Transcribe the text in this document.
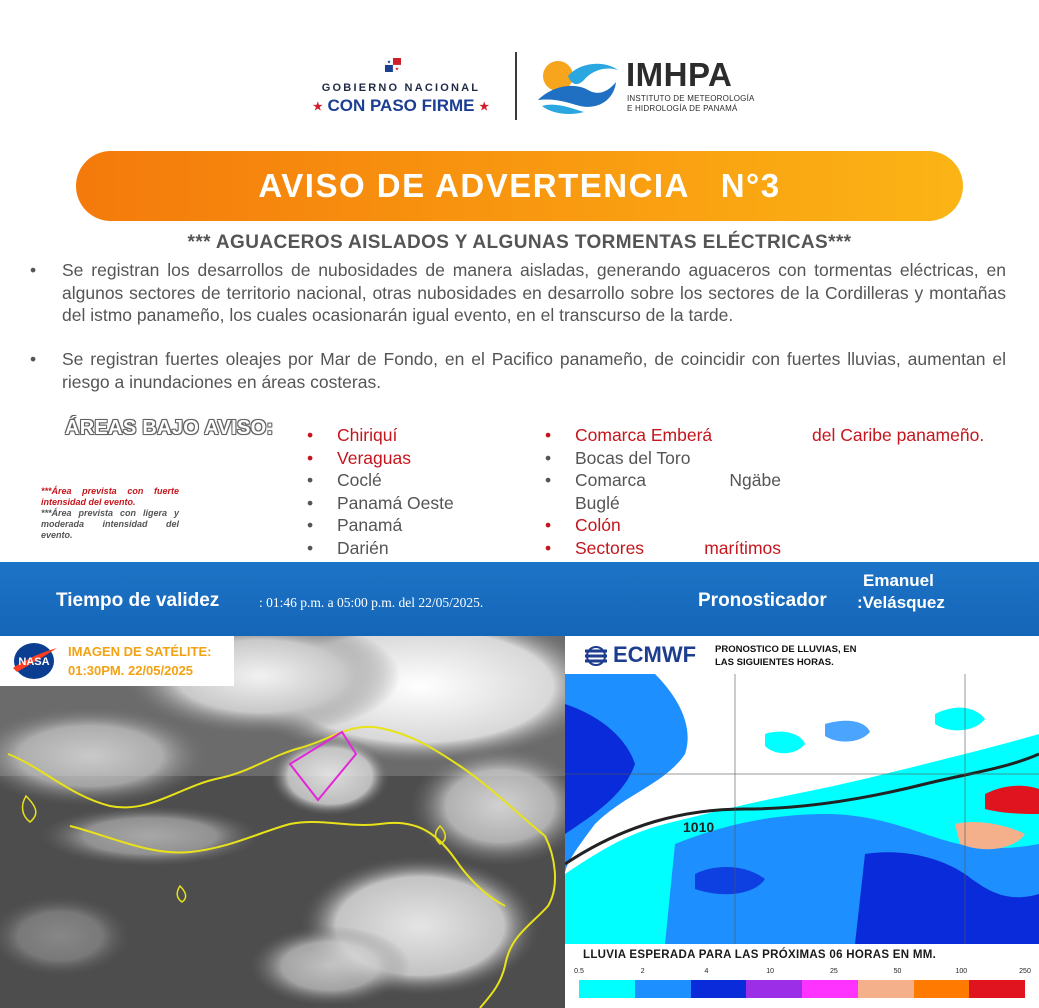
★
★
GOBIERNO NACIONAL
★ CON PASO FIRME ★
IMHPA
INSTITUTO DE METEOROLOGÍA
E HIDROLOGÍA DE PANAMÁ
AVISO DE ADVERTENCIA   N°3
*** AGUACEROS AISLADOS Y ALGUNAS TORMENTAS ELÉCTRICAS***
• Se registran los desarrollos de nubosidades de manera aisladas, generando aguaceros con tormentas eléctricas, en algunos sectores de territorio nacional, otras nubosidades en desarrollo sobre los sectores de la Cordilleras y montañas del istmo panameño, los cuales ocasionarán igual evento, en el transcurso de la tarde.
• Se registran fuertes oleajes por Mar de Fondo, en el Pacifico panameño, de coincidir con fuertes lluvias, aumentan el riesgo a inundaciones en áreas costeras.
ÁREAS BAJO AVISO:
•	Chiriquí
• Veraguas
• Coclé
• Panamá Oeste
• Panamá
• Darién
• Comarca Emberá
• Bocas del Toro
• Comarca	Ngäbe
Buglé
• Colón
• Sectores	marítimos
del Caribe panameño.
***Área prevista con fuerte intensidad del evento.
***Área prevista con ligera y moderada intensidad del evento.
Tiempo de validez	: 01:46 p.m. a 05:00 p.m. del 22/05/2025.	Pronosticador
Emanuel
:Velásquez
NASA
IMAGEN DE SATÉLITE:
01:30PM. 22/05/2025
ECMWF PRONOSTICO DE LLUVIAS, EN
LAS SIGUIENTES HORAS.
1010
LLUVIA ESPERADA PARA LAS PRÓXIMAS 06 HORAS EN MM.
0.5	2	4	10	25	50	100	250
